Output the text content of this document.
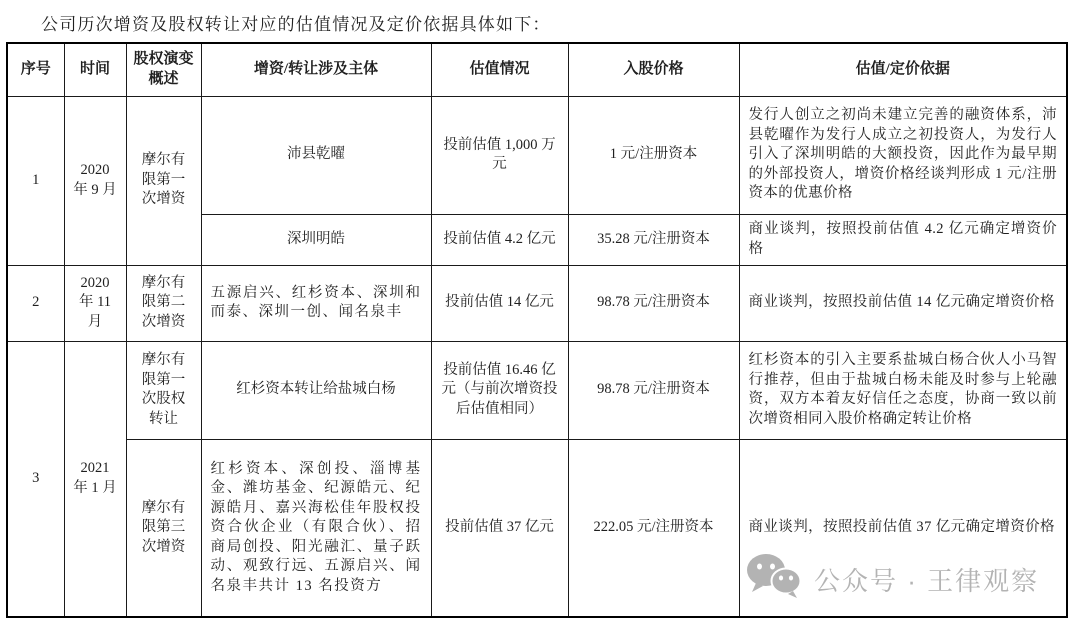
公司历次增资及股权转让对应的估值情况及定价依据具体如下：
序号	时间	股权演变概述	增资/转让涉及主体	估值情况	入股价格	估值/定价依据
1	2020 年 9 月	摩尔有限第一次增资	沛县乾曜	投前估值 1,000 万元	1 元/注册资本	发行人创立之初尚未建立完善的融资体系，沛县乾曜作为发行人成立之初投资人，为发行人引入了深圳明皓的大额投资，因此作为最早期的外部投资人，增资价格经谈判形成 1 元/注册资本的优惠价格
			深圳明皓	投前估值 4.2 亿元	35.28 元/注册资本	商业谈判，按照投前估值 4.2 亿元确定增资价格
2	2020 年 11 月	摩尔有限第二次增资	五源启兴、红杉资本、深圳和而泰、深圳一创、闻名泉丰	投前估值 14 亿元	98.78 元/注册资本	商业谈判，按照投前估值 14 亿元确定增资价格
3	2021 年 1 月	摩尔有限第一次股权转让	红杉资本转让给盐城白杨	投前估值 16.46 亿元（与前次增资投后估值相同）	98.78 元/注册资本	红杉资本的引入主要系盐城白杨合伙人小马智行推荐，但由于盐城白杨未能及时参与上轮融资，双方本着友好信任之态度，协商一致以前次增资相同入股价格确定转让价格
		摩尔有限第三次增资	红杉资本、深创投、淄博基金、潍坊基金、纪源皓元、纪源皓月、嘉兴海松佳年股权投资合伙企业（有限合伙）、招商局创投、阳光融汇、量子跃动、观致行远、五源启兴、闻名泉丰共计 13 名投资方	投前估值 37 亿元	222.05 元/注册资本	商业谈判，按照投前估值 37 亿元确定增资价格
公众号 · 王律观察
